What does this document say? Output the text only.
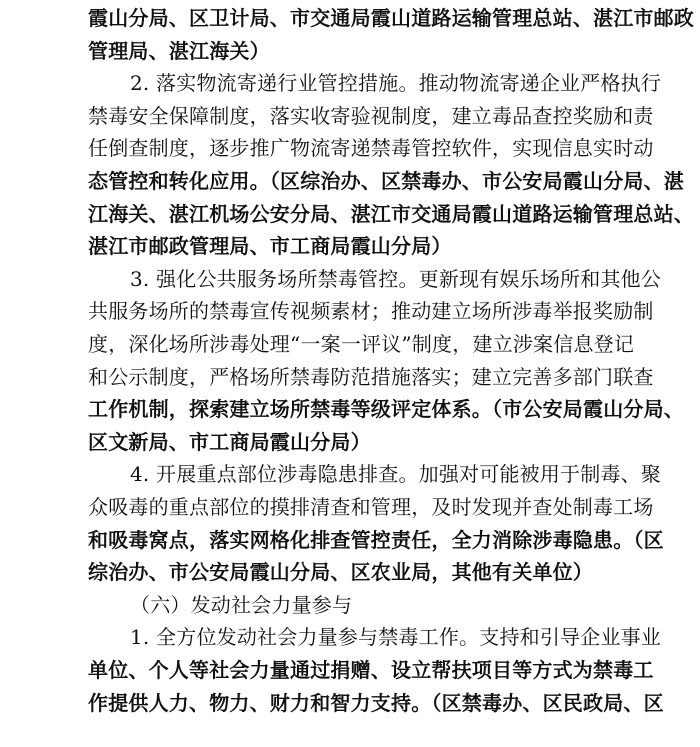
霞山分局、区卫计局、市交通局霞山道路运输管理总站、湛江市邮政
管理局、湛江海关）
2. 落实物流寄递行业管控措施。推动物流寄递企业严格执行
禁毒安全保障制度，落实收寄验视制度，建立毒品查控奖励和责
任倒查制度，逐步推广物流寄递禁毒管控软件，实现信息实时动
态管控和转化应用。（区综治办、区禁毒办、市公安局霞山分局、湛
江海关、湛江机场公安分局、湛江市交通局霞山道路运输管理总站、
湛江市邮政管理局、市工商局霞山分局）
3. 强化公共服务场所禁毒管控。更新现有娱乐场所和其他公
共服务场所的禁毒宣传视频素材；推动建立场所涉毒举报奖励制
度，深化场所涉毒处理“一案一评议”制度，建立涉案信息登记
和公示制度，严格场所禁毒防范措施落实；建立完善多部门联查
工作机制，探索建立场所禁毒等级评定体系。（市公安局霞山分局、
区文新局、市工商局霞山分局）
4. 开展重点部位涉毒隐患排查。加强对可能被用于制毒、聚
众吸毒的重点部位的摸排清查和管理，及时发现并查处制毒工场
和吸毒窝点，落实网格化排查管控责任，全力消除涉毒隐患。（区
综治办、市公安局霞山分局、区农业局，其他有关单位）
（六）发动社会力量参与
1. 全方位发动社会力量参与禁毒工作。支持和引导企业事业
单位、个人等社会力量通过捐赠、设立帮扶项目等方式为禁毒工
作提供人力、物力、财力和智力支持。（区禁毒办、区民政局、区
